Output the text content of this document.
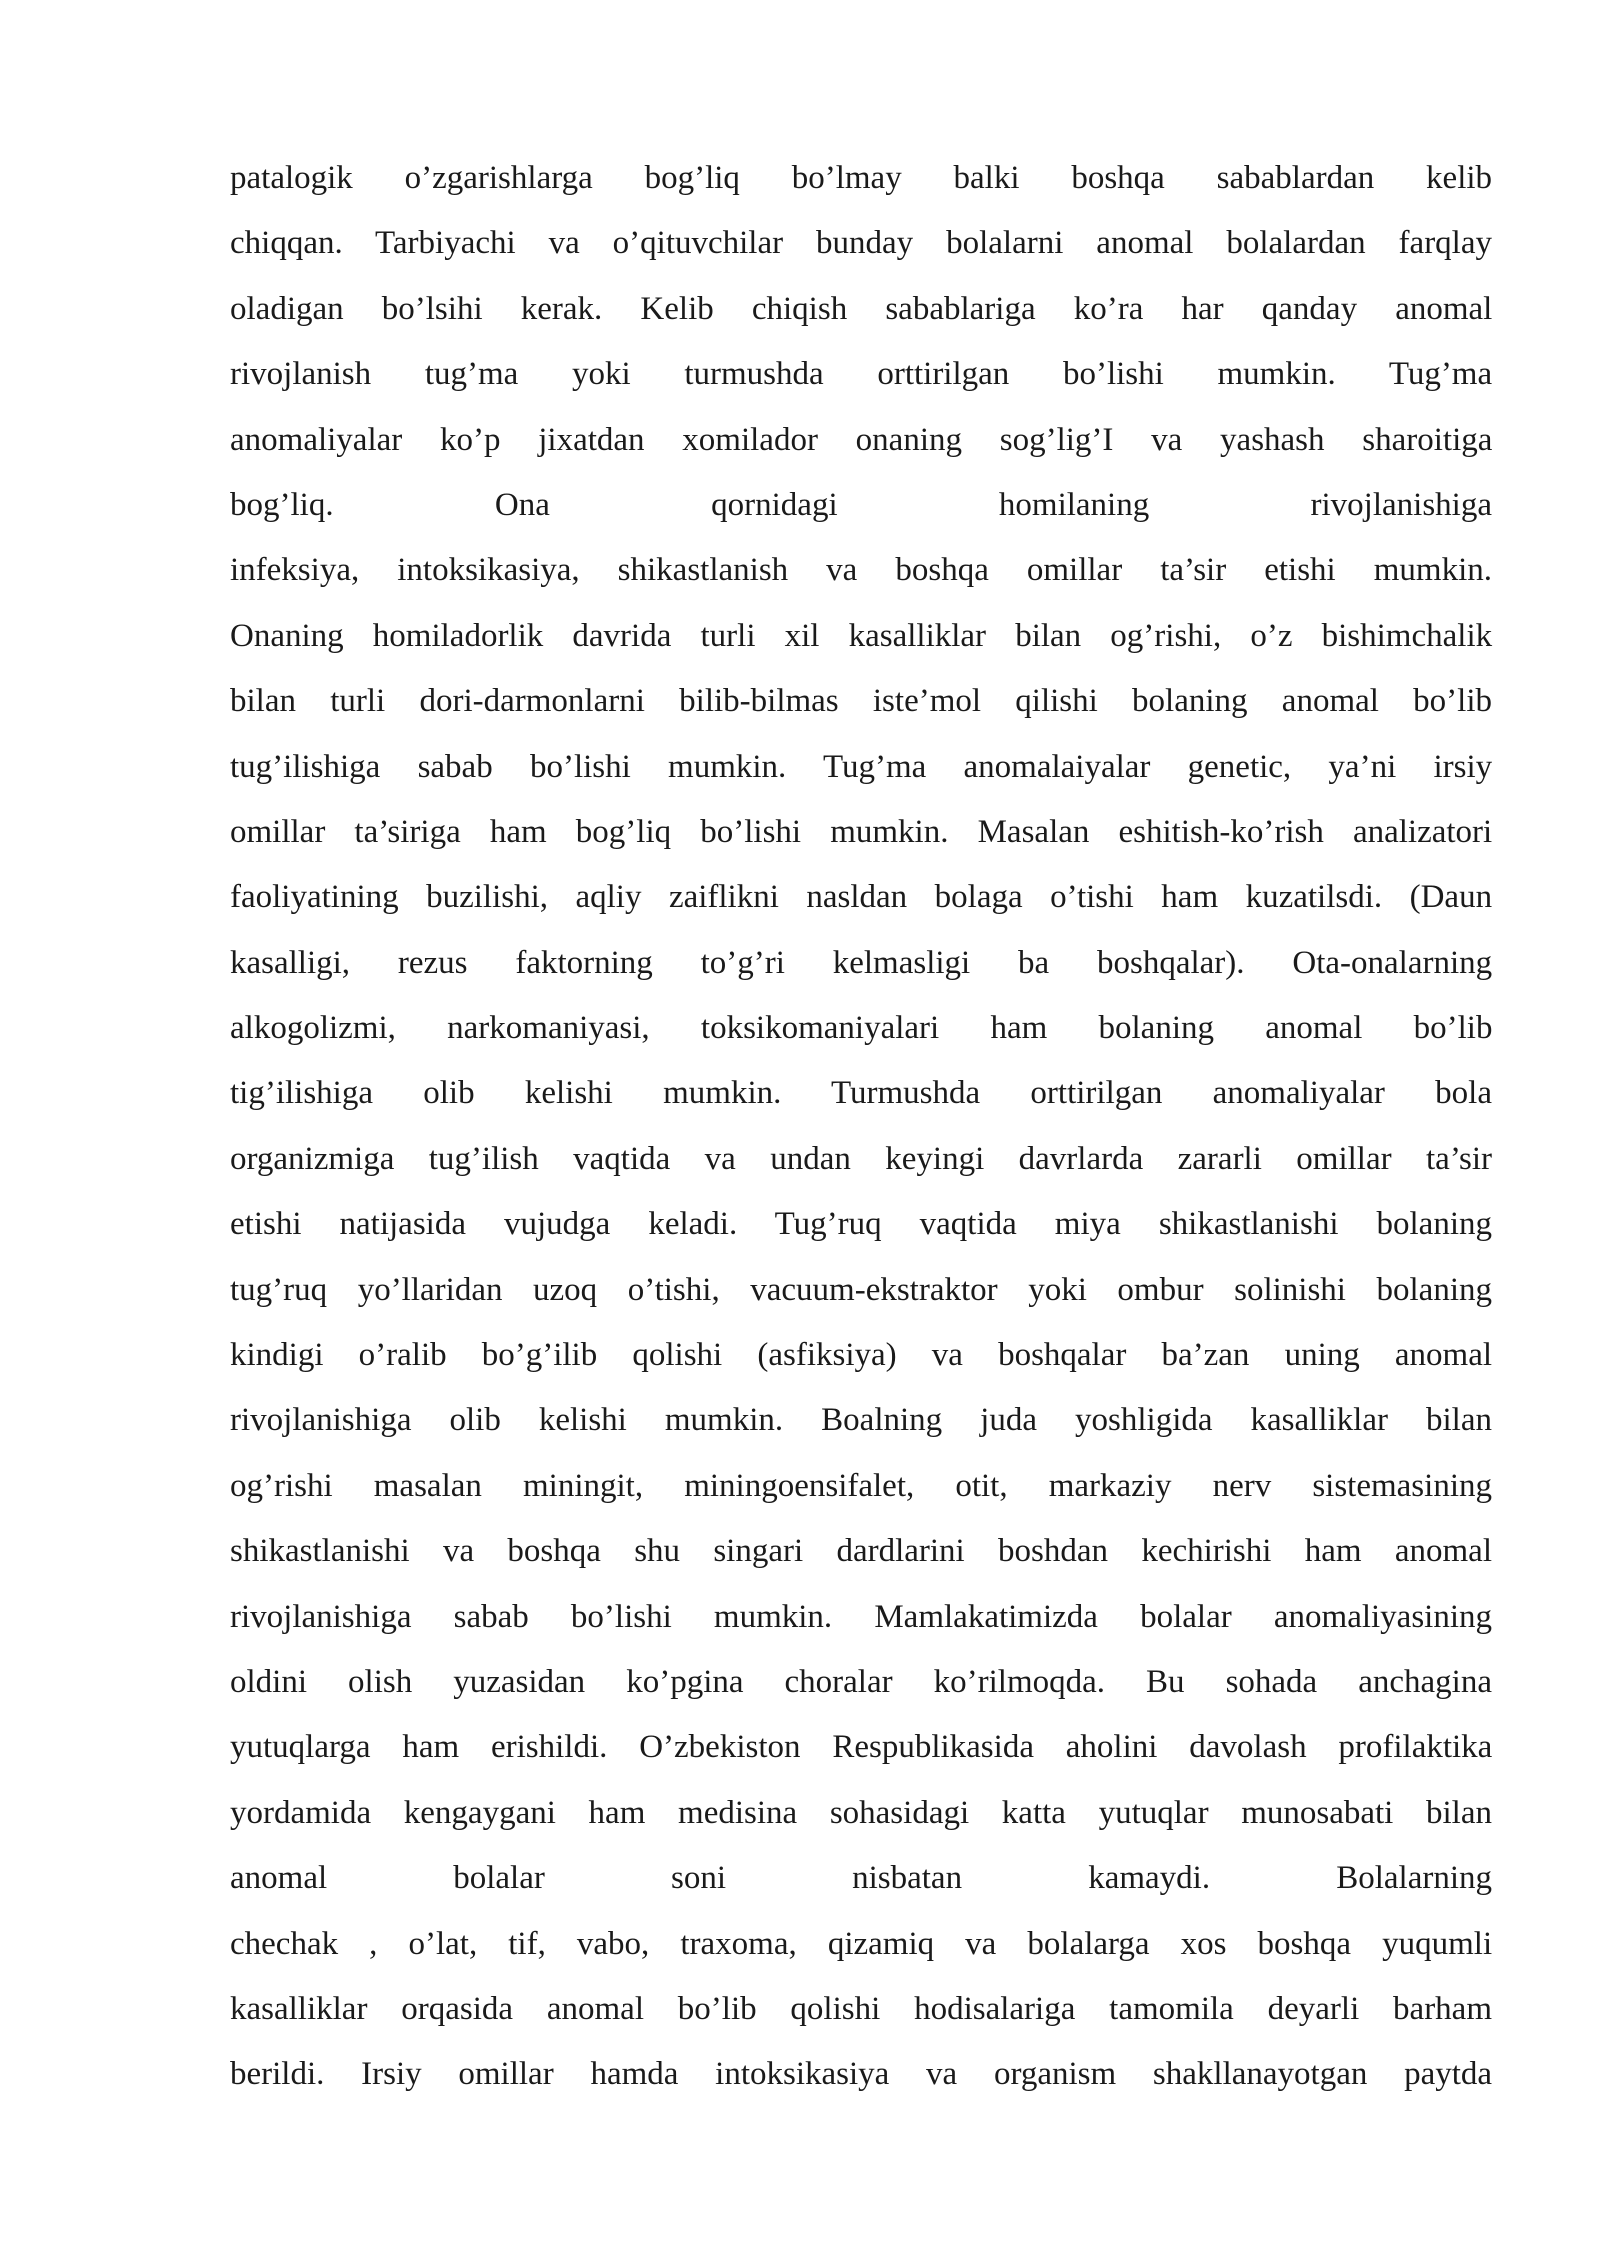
patalogik o’zgarishlarga bog’liq bo’lmay balki boshqa sabablardan kelib
chiqqan. Tarbiyachi va o’qituvchilar bunday bolalarni anomal bolalardan farqlay
oladigan bo’lsihi kerak. Kelib chiqish sabablariga ko’ra har qanday anomal
rivojlanish tug’ma yoki turmushda orttirilgan bo’lishi mumkin. Tug’ma
anomaliyalar ko’p jixatdan xomilador onaning sog’lig’I va yashash sharoitiga
bog’liq. Ona qornidagi homilaning rivojlanishiga
infeksiya, intoksikasiya, shikastlanish va boshqa omillar ta’sir etishi mumkin.
Onaning homiladorlik davrida turli xil kasalliklar bilan og’rishi, o’z bishimchalik
bilan turli dori-darmonlarni bilib-bilmas iste’mol qilishi bolaning anomal bo’lib
tug’ilishiga sabab bo’lishi mumkin. Tug’ma anomalaiyalar genetic, ya’ni irsiy
omillar ta’siriga ham bog’liq bo’lishi mumkin. Masalan eshitish-ko’rish analizatori
faoliyatining buzilishi, aqliy zaiflikni nasldan bolaga o’tishi ham kuzatilsdi. (Daun
kasalligi, rezus faktorning to’g’ri kelmasligi ba boshqalar). Ota-onalarning
alkogolizmi, narkomaniyasi, toksikomaniyalari ham bolaning anomal bo’lib
tig’ilishiga olib kelishi mumkin. Turmushda orttirilgan anomaliyalar bola
organizmiga tug’ilish vaqtida va undan keyingi davrlarda zararli omillar ta’sir
etishi natijasida vujudga keladi. Tug’ruq vaqtida miya shikastlanishi bolaning
tug’ruq yo’llaridan uzoq o’tishi, vacuum-ekstraktor yoki ombur solinishi bolaning
kindigi o’ralib bo’g’ilib qolishi (asfiksiya) va boshqalar ba’zan uning anomal
rivojlanishiga olib kelishi mumkin. Boalning juda yoshligida kasalliklar bilan
og’rishi masalan miningit, miningoensifalet, otit, markaziy nerv sistemasining
shikastlanishi va boshqa shu singari dardlarini boshdan kechirishi ham anomal
rivojlanishiga sabab bo’lishi mumkin. Mamlakatimizda bolalar anomaliyasining
oldini olish yuzasidan ko’pgina choralar ko’rilmoqda. Bu sohada anchagina
yutuqlarga ham erishildi. O’zbekiston Respublikasida aholini davolash profilaktika
yordamida kengaygani ham medisina sohasidagi katta yutuqlar munosabati bilan
anomal bolalar soni nisbatan kamaydi. Bolalarning
chechak , o’lat, tif, vabo, traxoma, qizamiq va bolalarga xos boshqa yuqumli
kasalliklar orqasida anomal bo’lib qolishi hodisalariga tamomila deyarli barham
berildi. Irsiy omillar hamda intoksikasiya va organism shakllanayotgan paytda
